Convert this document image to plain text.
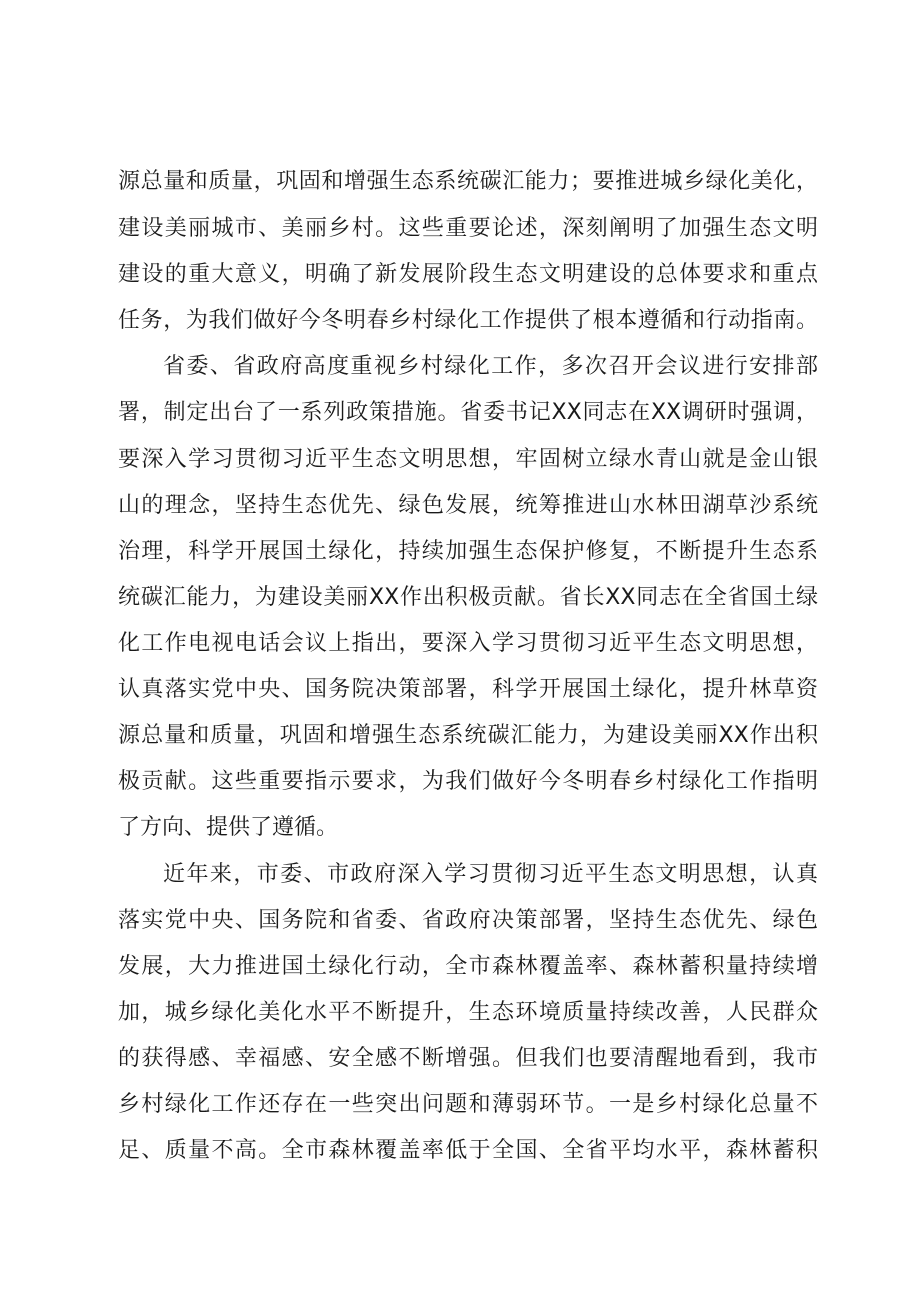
源总量和质量，巩固和增强生态系统碳汇能力；要推进城乡绿化美化，
建设美丽城市、美丽乡村。这些重要论述，深刻阐明了加强生态文明
建设的重大意义，明确了新发展阶段生态文明建设的总体要求和重点
任务，为我们做好今冬明春乡村绿化工作提供了根本遵循和行动指南。
省委、省政府高度重视乡村绿化工作，多次召开会议进行安排部
署，制定出台了一系列政策措施。省委书记XX同志在XX调研时强调，
要深入学习贯彻习近平生态文明思想，牢固树立绿水青山就是金山银
山的理念，坚持生态优先、绿色发展，统筹推进山水林田湖草沙系统
治理，科学开展国土绿化，持续加强生态保护修复，不断提升生态系
统碳汇能力，为建设美丽XX作出积极贡献。省长XX同志在全省国土绿
化工作电视电话会议上指出，要深入学习贯彻习近平生态文明思想，
认真落实党中央、国务院决策部署，科学开展国土绿化，提升林草资
源总量和质量，巩固和增强生态系统碳汇能力，为建设美丽XX作出积
极贡献。这些重要指示要求，为我们做好今冬明春乡村绿化工作指明
了方向、提供了遵循。
近年来，市委、市政府深入学习贯彻习近平生态文明思想，认真
落实党中央、国务院和省委、省政府决策部署，坚持生态优先、绿色
发展，大力推进国土绿化行动，全市森林覆盖率、森林蓄积量持续增
加，城乡绿化美化水平不断提升，生态环境质量持续改善，人民群众
的获得感、幸福感、安全感不断增强。但我们也要清醒地看到，我市
乡村绿化工作还存在一些突出问题和薄弱环节。一是乡村绿化总量不
足、质量不高。全市森林覆盖率低于全国、全省平均水平，森林蓄积
